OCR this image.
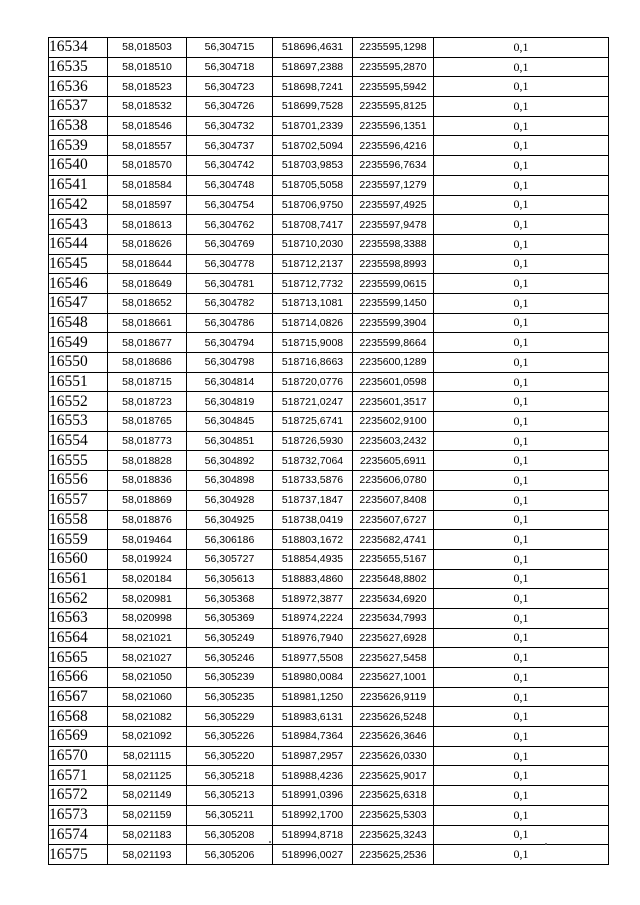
16534	58,018503	56,304715	518696,4631	2235595,1298	0,1
16535	58,018510	56,304718	518697,2388	2235595,2870	0,1
16536	58,018523	56,304723	518698,7241	2235595,5942	0,1
16537	58,018532	56,304726	518699,7528	2235595,8125	0,1
16538	58,018546	56,304732	518701,2339	2235596,1351	0,1
16539	58,018557	56,304737	518702,5094	2235596,4216	0,1
16540	58,018570	56,304742	518703,9853	2235596,7634	0,1
16541	58,018584	56,304748	518705,5058	2235597,1279	0,1
16542	58,018597	56,304754	518706,9750	2235597,4925	0,1
16543	58,018613	56,304762	518708,7417	2235597,9478	0,1
16544	58,018626	56,304769	518710,2030	2235598,3388	0,1
16545	58,018644	56,304778	518712,2137	2235598,8993	0,1
16546	58,018649	56,304781	518712,7732	2235599,0615	0,1
16547	58,018652	56,304782	518713,1081	2235599,1450	0,1
16548	58,018661	56,304786	518714,0826	2235599,3904	0,1
16549	58,018677	56,304794	518715,9008	2235599,8664	0,1
16550	58,018686	56,304798	518716,8663	2235600,1289	0,1
16551	58,018715	56,304814	518720,0776	2235601,0598	0,1
16552	58,018723	56,304819	518721,0247	2235601,3517	0,1
16553	58,018765	56,304845	518725,6741	2235602,9100	0,1
16554	58,018773	56,304851	518726,5930	2235603,2432	0,1
16555	58,018828	56,304892	518732,7064	2235605,6911	0,1
16556	58,018836	56,304898	518733,5876	2235606,0780	0,1
16557	58,018869	56,304928	518737,1847	2235607,8408	0,1
16558	58,018876	56,304925	518738,0419	2235607,6727	0,1
16559	58,019464	56,306186	518803,1672	2235682,4741	0,1
16560	58,019924	56,305727	518854,4935	2235655,5167	0,1
16561	58,020184	56,305613	518883,4860	2235648,8802	0,1
16562	58,020981	56,305368	518972,3877	2235634,6920	0,1
16563	58,020998	56,305369	518974,2224	2235634,7993	0,1
16564	58,021021	56,305249	518976,7940	2235627,6928	0,1
16565	58,021027	56,305246	518977,5508	2235627,5458	0,1
16566	58,021050	56,305239	518980,0084	2235627,1001	0,1
16567	58,021060	56,305235	518981,1250	2235626,9119	0,1
16568	58,021082	56,305229	518983,6131	2235626,5248	0,1
16569	58,021092	56,305226	518984,7364	2235626,3646	0,1
16570	58,021115	56,305220	518987,2957	2235626,0330	0,1
16571	58,021125	56,305218	518988,4236	2235625,9017	0,1
16572	58,021149	56,305213	518991,0396	2235625,6318	0,1
16573	58,021159	56,305211	518992,1700	2235625,5303	0,1
16574	58,021183	56,305208	518994,8718	2235625,3243	0,1
16575	58,021193	56,305206	518996,0027	2235625,2536	0,1
